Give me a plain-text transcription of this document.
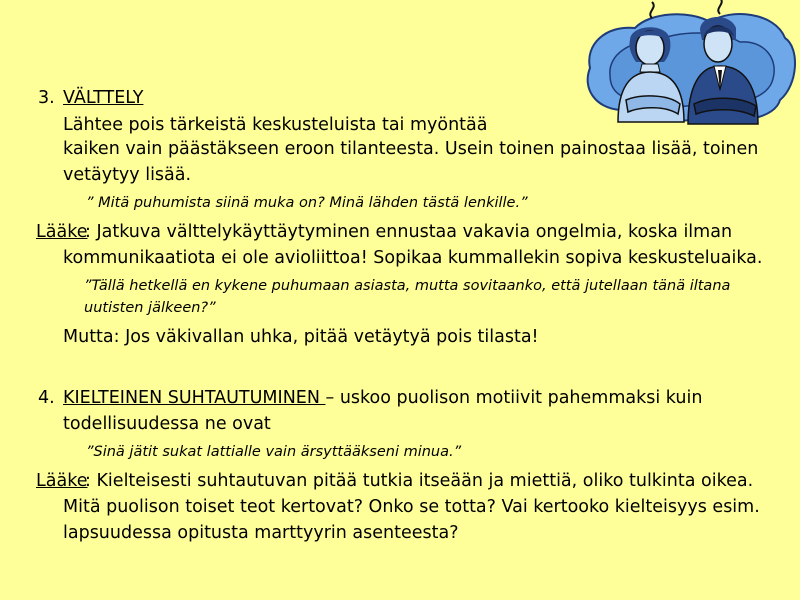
3. VÄLTTELY
Lähtee pois tärkeistä keskusteluista tai myöntää
kaiken vain päästäkseen eroon tilanteesta. Usein toinen painostaa lisää, toinen
vetäytyy lisää.
” Mitä puhumista siinä muka on? Minä lähden tästä lenkille.”
Lääke
: Jatkuva välttelykäyttäytyminen ennustaa vakavia ongelmia, koska ilman
kommunikaatiota ei ole avioliittoa! Sopikaa kummallekin sopiva keskusteluaika.
”Tällä hetkellä en kykene puhumaan asiasta, mutta sovitaanko, että jutellaan tänä iltana
uutisten jälkeen?”
Mutta: Jos väkivallan uhka, pitää vetäytyä pois tilasta!
4. KIELTEINEN SUHTAUTUMINEN – uskoo puolison motiivit pahemmaksi kuin
todellisuudessa ne ovat
”Sinä jätit sukat lattialle vain ärsyttääkseni minua.”
Lääke
: Kielteisesti suhtautuvan pitää tutkia itseään ja miettiä, oliko tulkinta oikea.
Mitä puolison toiset teot kertovat? Onko se totta? Vai kertooko kielteisyys esim.
lapsuudessa opitusta marttyyrin asenteesta?
